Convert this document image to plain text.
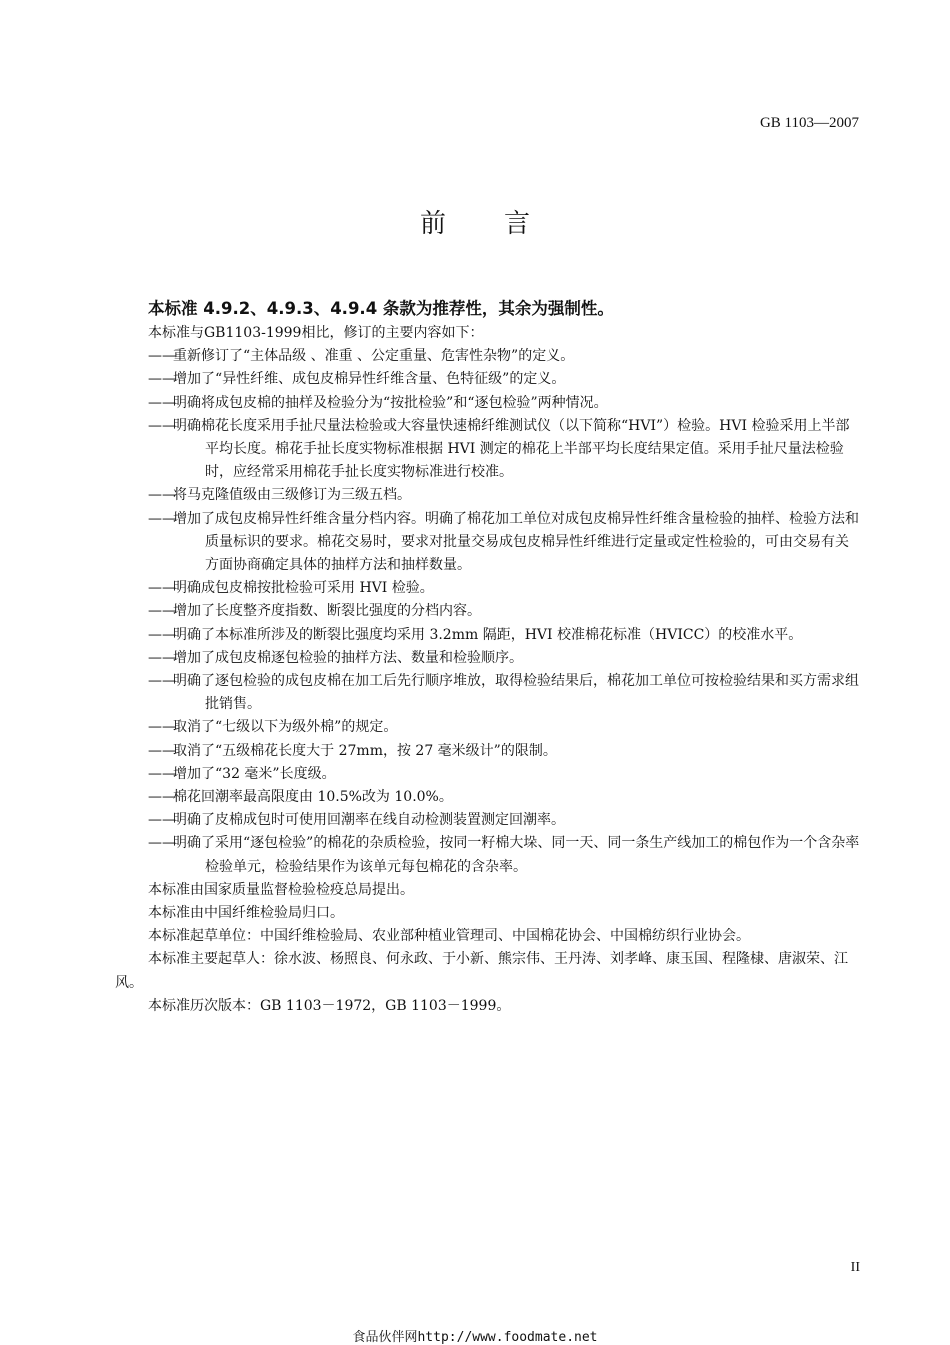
GB 1103—2007
前言
本标准 4.9.2、4.9.3、4.9.4 条款为推荐性，其余为强制性。
本标准与GB1103-1999相比，修订的主要内容如下：
——
重新修订了“主体品级 、准重 、公定重量、危害性杂物”的定义。
——
增加了“异性纤维、成包皮棉异性纤维含量、色特征级”的定义。
——
明确将成包皮棉的抽样及检验分为“按批检验”和“逐包检验”两种情况。
——
明确棉花长度采用手扯尺量法检验或大容量快速棉纤维测试仪（以下简称“HVI”）检验。HVI 检验采用上半部平均长度。棉花手扯长度实物标准根据 HVI 测定的棉花上半部平均长度结果定值。采用手扯尺量法检验时，应经常采用棉花手扯长度实物标准进行校准。
——
将马克隆值级由三级修订为三级五档。
——
增加了成包皮棉异性纤维含量分档内容。明确了棉花加工单位对成包皮棉异性纤维含量检验的抽样、检验方法和质量标识的要求。棉花交易时，要求对批量交易成包皮棉异性纤维进行定量或定性检验的，可由交易有关方面协商确定具体的抽样方法和抽样数量。
——
明确成包皮棉按批检验可采用 HVI 检验。
——
增加了长度整齐度指数、断裂比强度的分档内容。
——
明确了本标准所涉及的断裂比强度均采用 3.2mm 隔距，HVI 校准棉花标准（HVICC）的校准水平。
——
增加了成包皮棉逐包检验的抽样方法、数量和检验顺序。
——
明确了逐包检验的成包皮棉在加工后先行顺序堆放，取得检验结果后，棉花加工单位可按检验结果和买方需求组批销售。
——
取消了“七级以下为级外棉”的规定。
——
取消了“五级棉花长度大于 27mm，按 27 毫米级计”的限制。
——
增加了“32 毫米”长度级。
——
棉花回潮率最高限度由 10.5%改为 10.0%。
——
明确了皮棉成包时可使用回潮率在线自动检测装置测定回潮率。
——
明确了采用“逐包检验”的棉花的杂质检验，按同一籽棉大垛、同一天、同一条生产线加工的棉包作为一个含杂率检验单元，检验结果作为该单元每包棉花的含杂率。
本标准由国家质量监督检验检疫总局提出。
本标准由中国纤维检验局归口。
本标准起草单位：中国纤维检验局、农业部种植业管理司、中国棉花协会、中国棉纺织行业协会。
本标准主要起草人：徐水波、杨照良、何永政、于小新、熊宗伟、王丹涛、刘孝峰、康玉国、程隆棣、唐淑荣、江风。
本标准历次版本：GB 1103－1972，GB 1103－1999。
II
食品伙伴网http://www.foodmate.net
